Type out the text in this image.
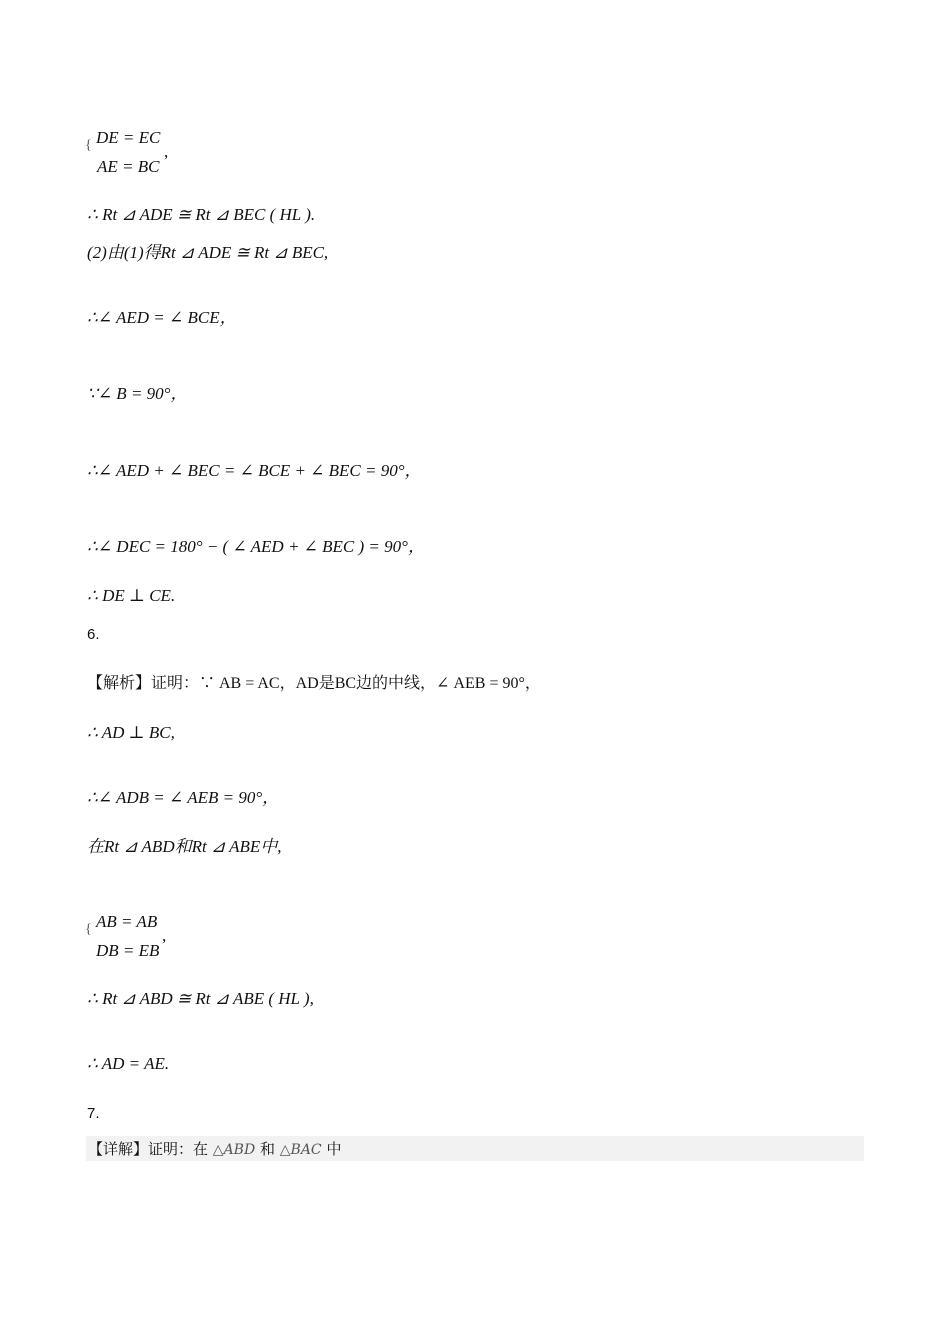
{ DE = EC
AE = BC
,
∴ Rt ⊿ ADE ≅ Rt ⊿ BEC ( HL ).
(2)由(1)得Rt ⊿ ADE ≅ Rt ⊿ BEC,
∴∠ AED = ∠ BCE，
∵∠ B = 90°，
∴∠ AED + ∠ BEC = ∠ BCE + ∠ BEC = 90°，
∴∠ DEC = 180° − ( ∠ AED + ∠ BEC ) = 90°，
∴ DE ⊥ CE.
6.
【解析】证明：∵ AB = AC，AD是BC边的中线，∠ AEB = 90°，
∴ AD ⊥ BC,
∴∠ ADB = ∠ AEB = 90°，
在Rt ⊿ ABD和Rt ⊿ ABE中,
{ AB = AB
DB = EB
,
∴ Rt ⊿ ABD ≅ Rt ⊿ ABE ( HL ),
∴ AD = AE.
7.
【详解】证明：在 △ABD 和 △BAC 中
